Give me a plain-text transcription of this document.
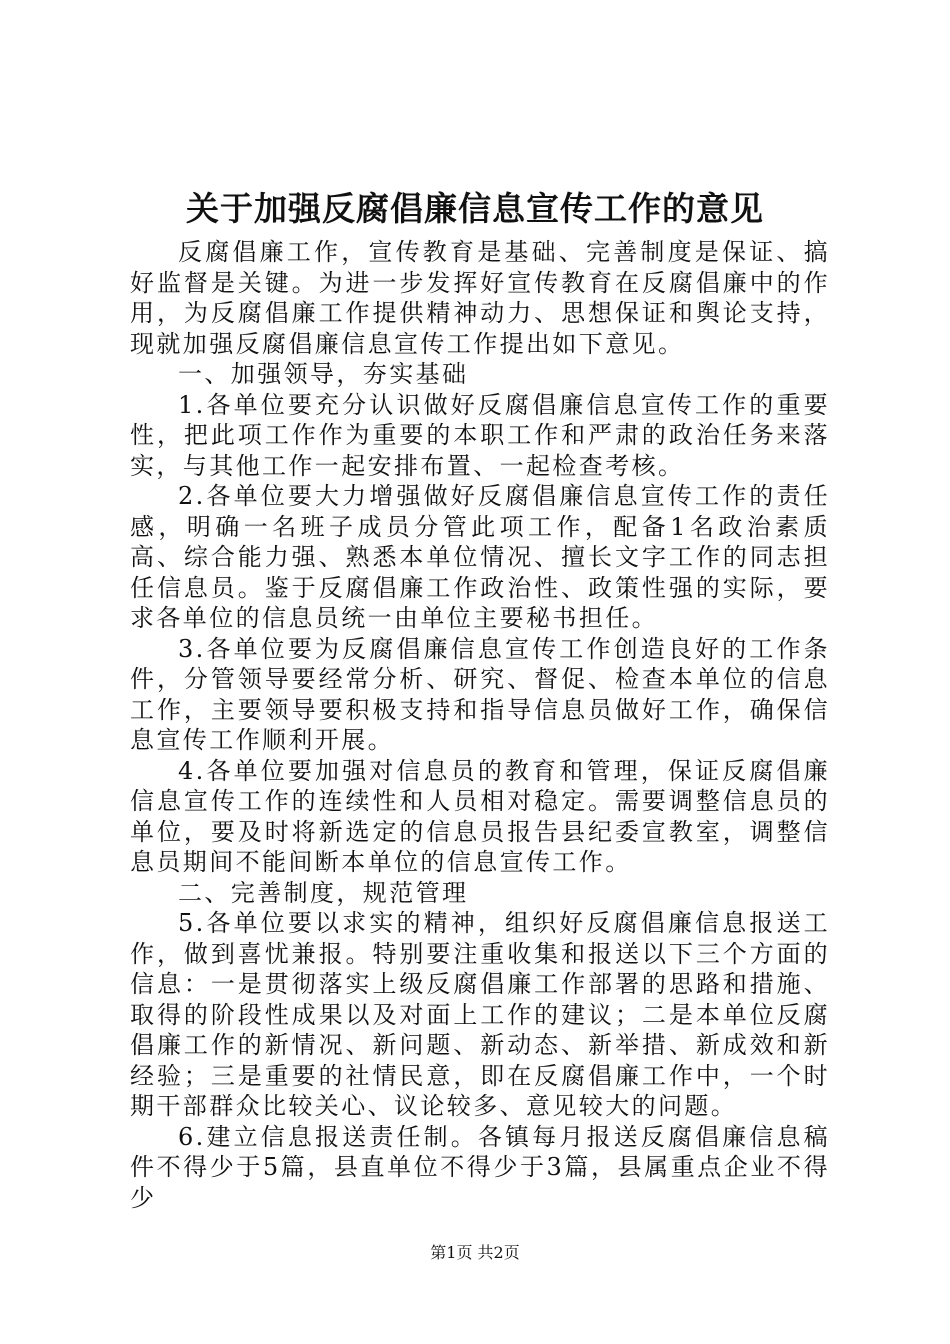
关于加强反腐倡廉信息宣传工作的意见

反腐倡廉工作，宣传教育是基础、完善制度是保证、搞好监督是关键。为进一步发挥好宣传教育在反腐倡廉中的作用，为反腐倡廉工作提供精神动力、思想保证和舆论支持，现就加强反腐倡廉信息宣传工作提出如下意见。

一、加强领导，夯实基础

1.各单位要充分认识做好反腐倡廉信息宣传工作的重要性，把此项工作作为重要的本职工作和严肃的政治任务来落实，与其他工作一起安排布置、一起检查考核。

2.各单位要大力增强做好反腐倡廉信息宣传工作的责任感，明确一名班子成员分管此项工作，配备1名政治素质高、综合能力强、熟悉本单位情况、擅长文字工作的同志担任信息员。鉴于反腐倡廉工作政治性、政策性强的实际，要求各单位的信息员统一由单位主要秘书担任。

3.各单位要为反腐倡廉信息宣传工作创造良好的工作条件，分管领导要经常分析、研究、督促、检查本单位的信息工作，主要领导要积极支持和指导信息员做好工作，确保信息宣传工作顺利开展。

4.各单位要加强对信息员的教育和管理，保证反腐倡廉信息宣传工作的连续性和人员相对稳定。需要调整信息员的单位，要及时将新选定的信息员报告县纪委宣教室，调整信息员期间不能间断本单位的信息宣传工作。

二、完善制度，规范管理

5.各单位要以求实的精神，组织好反腐倡廉信息报送工作，做到喜忧兼报。特别要注重收集和报送以下三个方面的信息：一是贯彻落实上级反腐倡廉工作部署的思路和措施、取得的阶段性成果以及对面上工作的建议；二是本单位反腐倡廉工作的新情况、新问题、新动态、新举措、新成效和新经验；三是重要的社情民意，即在反腐倡廉工作中，一个时期干部群众比较关心、议论较多、意见较大的问题。

6.建立信息报送责任制。各镇每月报送反腐倡廉信息稿件不得少于5篇，县直单位不得少于3篇，县属重点企业不得少

第1页 共2页
